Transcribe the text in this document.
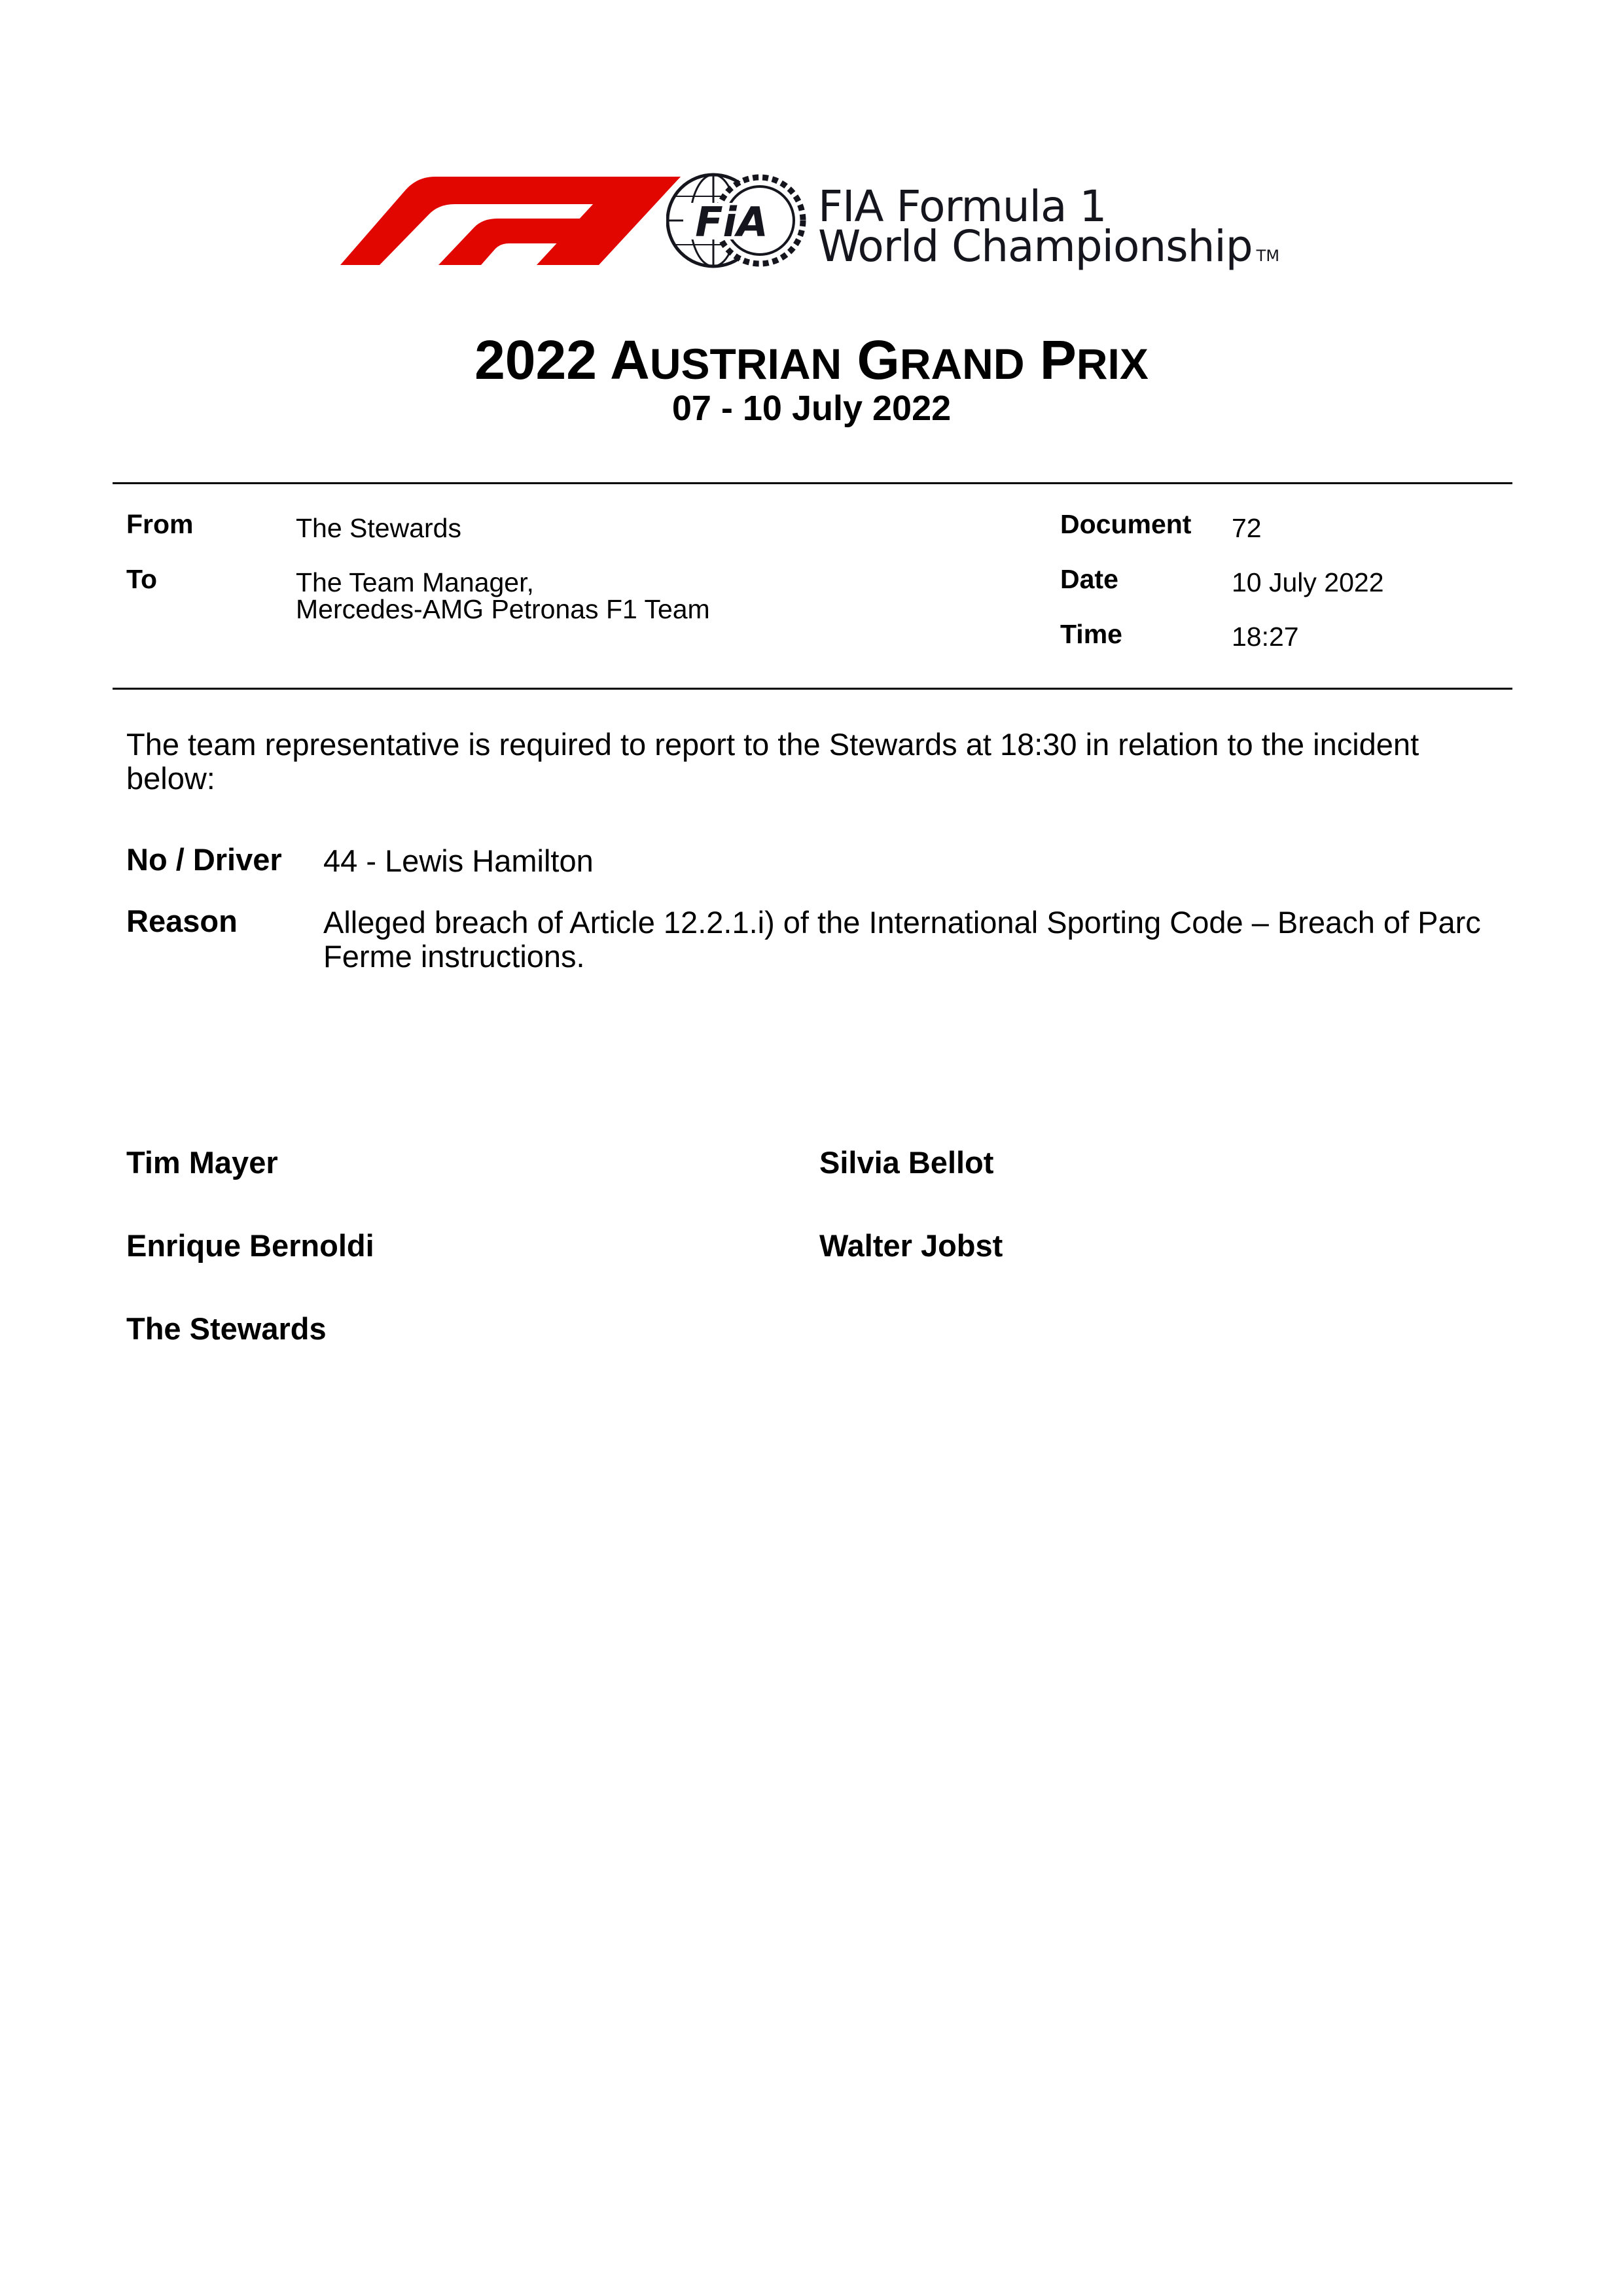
FiA FIA Formula 1
World Championship TM
2022 AUSTRIAN GRAND PRIX
07 - 10 July 2022
From	The Stewards
To	The Team Manager,
Mercedes-AMG Petronas F1 Team
Document 72
Date	10 July 2022
Time	18:27
The team representative is required to report to the Stewards at 18:30 in relation to the incident
below:
No / Driver 44 - Lewis Hamilton
Reason	Alleged breach of Article 12.2.1.i) of the International Sporting Code – Breach of Parc
Ferme instructions.
Tim Mayer	Silvia Bellot
Enrique Bernoldi	Walter Jobst
The Stewards
